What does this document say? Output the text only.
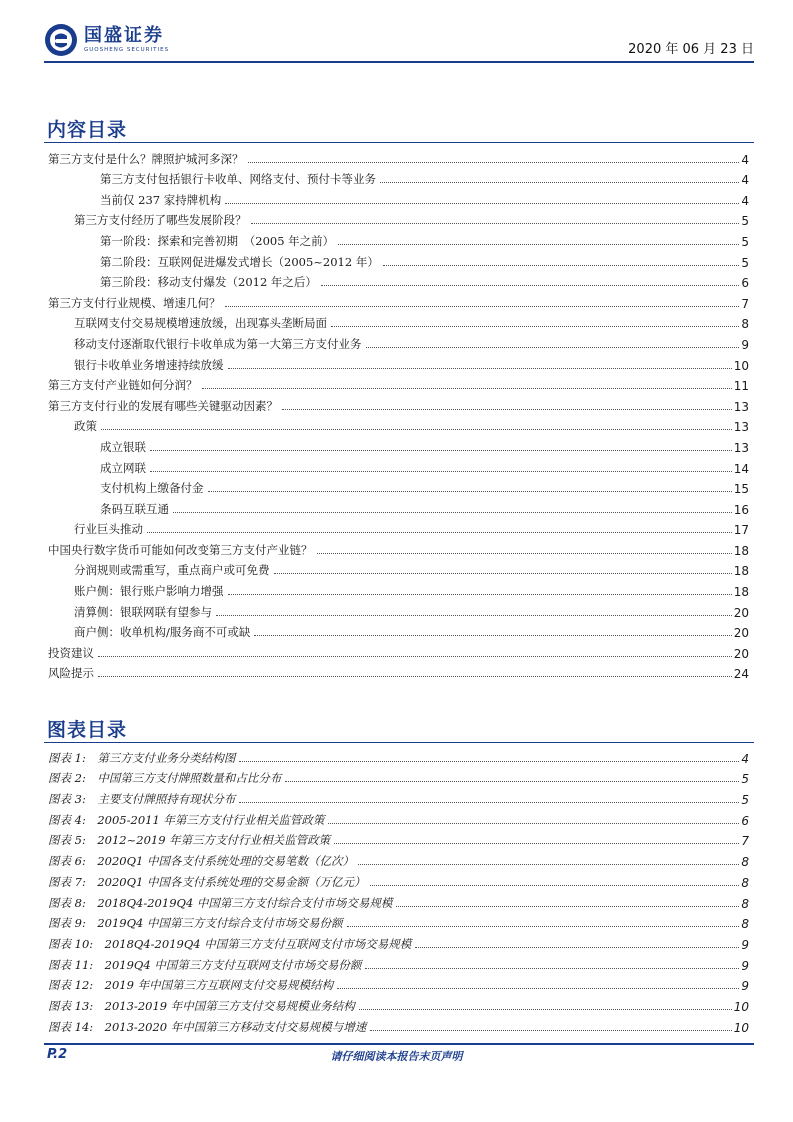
国盛证券
GUOSHENG SECURITIES	2020 年 06 月 23 日
内容目录
第三方支付是什么？牌照护城河多深？	4
第三方支付包括银行卡收单、网络支付、预付卡等业务	4
当前仅 237 家持牌机构	4
第三方支付经历了哪些发展阶段？	5
第一阶段：探索和完善初期　（2005 年之前）	5
第二阶段：互联网促进爆发式增长（2005~2012 年）	5
第三阶段：移动支付爆发（2012 年之后）	6
第三方支付行业规模、增速几何？	7
互联网支付交易规模增速放缓，出现寡头垄断局面	8
移动支付逐渐取代银行卡收单成为第一大第三方支付业务	9
银行卡收单业务增速持续放缓	10
第三方支付产业链如何分润？	11
第三方支付行业的发展有哪些关键驱动因素？	13
政策	13
成立银联	13
成立网联	14
支付机构上缴备付金	15
条码互联互通	16
行业巨头推动	17
中国央行数字货币可能如何改变第三方支付产业链？	18
分润规则或需重写，重点商户或可免费	18
账户侧：银行账户影响力增强	18
清算侧：银联网联有望参与	20
商户侧：收单机构/服务商不可或缺	20
投资建议	20
风险提示	24
图表目录
图表 1:　第三方支付业务分类结构图	4
图表 2:　中国第三方支付牌照数量和占比分布	5
图表 3:　主要支付牌照持有现状分布	5
图表 4:　2005-2011 年第三方支付行业相关监管政策	6
图表 5:　2012~2019 年第三方支付行业相关监管政策	7
图表 6:　2020Q1 中国各支付系统处理的交易笔数（亿次）	8
图表 7:　2020Q1 中国各支付系统处理的交易金额（万亿元）	8
图表 8:　2018Q4-2019Q4 中国第三方支付综合支付市场交易规模	8
图表 9:　2019Q4 中国第三方支付综合支付市场交易份额	8
图表 10:　2018Q4-2019Q4 中国第三方支付互联网支付市场交易规模	9
图表 11:　2019Q4 中国第三方支付互联网支付市场交易份额	9
图表 12:　2019 年中国第三方互联网支付交易规模结构	9
图表 13:　2013-2019 年中国第三方支付交易规模业务结构	10
图表 14:　2013-2020 年中国第三方移动支付交易规模与增速	10
P.2	请仔细阅读本报告末页声明
